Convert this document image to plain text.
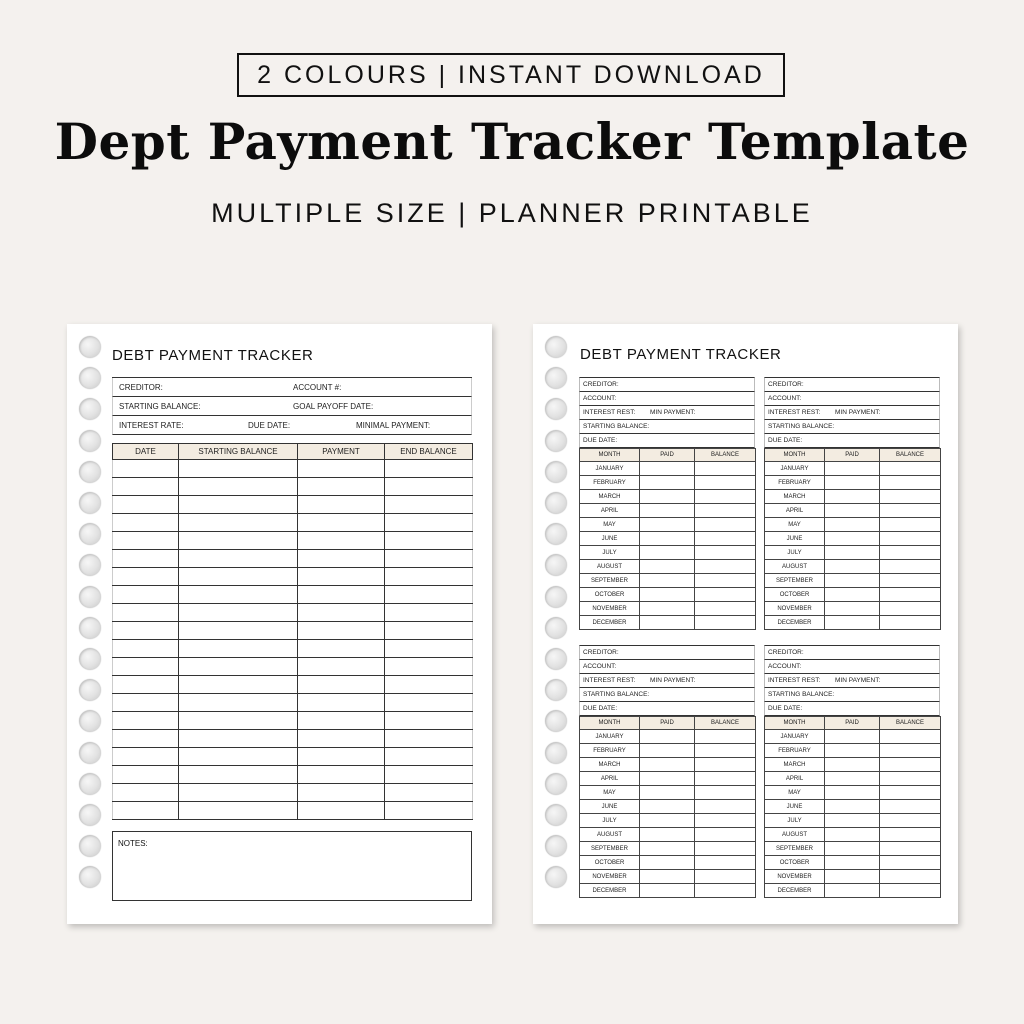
2 COLOURS | INSTANT DOWNLOAD
Dept Payment Tracker Template
MULTIPLE SIZE | PLANNER PRINTABLE
DEBT PAYMENT TRACKER
CREDITOR:	ACCOUNT #:
STARTING BALANCE:	GOAL PAYOFF DATE:
INTEREST RATE:	DUE DATE:	MINIMAL PAYMENT:
DATE	STARTING BALANCE	PAYMENT	END BALANCE

NOTES:
DEBT PAYMENT TRACKER
CREDITOR:
ACCOUNT:
INTEREST REST: MIN PAYMENT:
STARTING BALANCE:
DUE DATE:
MONTH	PAID	BALANCE
JANUARY		
FEBRUARY		
MARCH		
APRIL		
MAY		
JUNE		
JULY		
AUGUST		
SEPTEMBER		
OCTOBER		
NOVEMBER		
DECEMBER		
CREDITOR:
ACCOUNT:
INTEREST REST: MIN PAYMENT:
STARTING BALANCE:
DUE DATE:
MONTH	PAID	BALANCE
JANUARY		
FEBRUARY		
MARCH		
APRIL		
MAY		
JUNE		
JULY		
AUGUST		
SEPTEMBER		
OCTOBER		
NOVEMBER		
DECEMBER		
CREDITOR:
ACCOUNT:
INTEREST REST: MIN PAYMENT:
STARTING BALANCE:
DUE DATE:
MONTH	PAID	BALANCE
JANUARY		
FEBRUARY		
MARCH		
APRIL		
MAY		
JUNE		
JULY		
AUGUST		
SEPTEMBER		
OCTOBER		
NOVEMBER		
DECEMBER		
CREDITOR:
ACCOUNT:
INTEREST REST: MIN PAYMENT:
STARTING BALANCE:
DUE DATE:
MONTH	PAID	BALANCE
JANUARY		
FEBRUARY		
MARCH		
APRIL		
MAY		
JUNE		
JULY		
AUGUST		
SEPTEMBER		
OCTOBER		
NOVEMBER		
DECEMBER		
